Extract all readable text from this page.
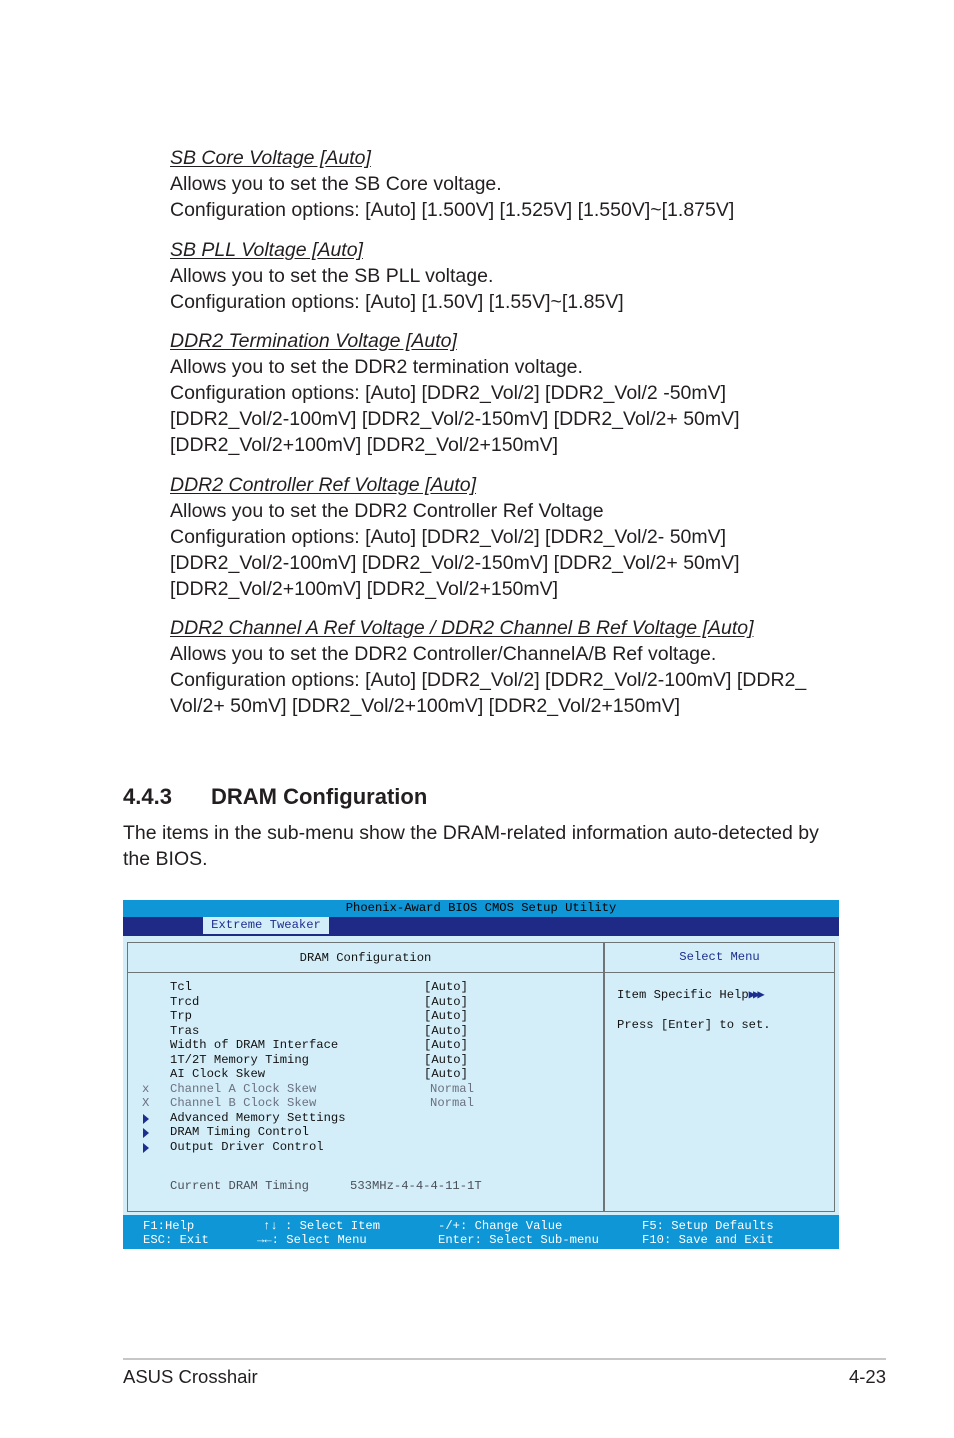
SB Core Voltage [Auto]
Allows you to set the SB Core voltage.
Configuration options: [Auto] [1.500V] [1.525V] [1.550V]~[1.875V]
SB PLL Voltage [Auto]
Allows you to set the SB PLL voltage.
Configuration options: [Auto] [1.50V] [1.55V]~[1.85V]
DDR2 Termination Voltage [Auto]
Allows you to set the DDR2 termination voltage.
Configuration options: [Auto] [DDR2_Vol/2] [DDR2_Vol/2 -50mV]
[DDR2_Vol/2-100mV] [DDR2_Vol/2-150mV] [DDR2_Vol/2+ 50mV]
[DDR2_Vol/2+100mV] [DDR2_Vol/2+150mV]
DDR2 Controller Ref Voltage [Auto]
Allows you to set the DDR2 Controller Ref Voltage
Configuration options: [Auto] [DDR2_Vol/2] [DDR2_Vol/2- 50mV]
[DDR2_Vol/2-100mV] [DDR2_Vol/2-150mV] [DDR2_Vol/2+ 50mV]
[DDR2_Vol/2+100mV] [DDR2_Vol/2+150mV]
DDR2 Channel A Ref Voltage / DDR2 Channel B Ref Voltage [Auto]
Allows you to set the DDR2 Controller/ChannelA/B Ref voltage.
Configuration options: [Auto] [DDR2_Vol/2] [DDR2_Vol/2-100mV] [DDR2_
Vol/2+ 50mV] [DDR2_Vol/2+100mV] [DDR2_Vol/2+150mV]
4.4.3 DRAM Configuration
The items in the sub-menu show the DRAM-related information auto-detected by the BIOS.
Phoenix-Award BIOS CMOS Setup Utility
Extreme Tweaker
DRAM Configuration
Tcl	[Auto]
Trcd	[Auto]
Trp	[Auto]
Tras	[Auto]
Width of DRAM Interface	[Auto]
1T/2T Memory Timing	[Auto]
AI Clock Skew	[Auto]
x Channel A Clock Skew	Normal
X Channel B Clock Skew	Normal
Advanced Memory Settings
DRAM Timing Control
Output Driver Control
Current DRAM Timing	533MHz-4-4-4-11-1T
Select Menu
Item Specific Help▶▶▶
Press [Enter] to set.
F1:Help
ESC: Exit
↑↓ : Select Item
→←: Select Menu
-/+: Change Value
Enter: Select Sub-menu
F5: Setup Defaults
F10: Save and Exit
ASUS Crosshair	4-23
